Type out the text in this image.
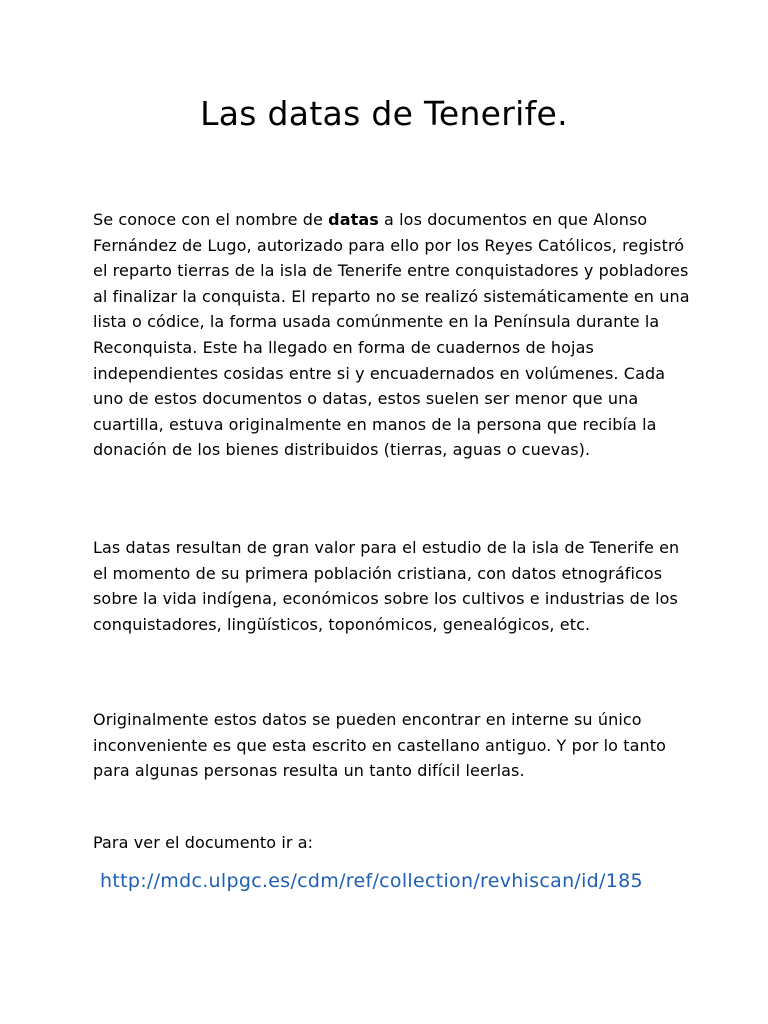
Las datas de Tenerife.

Se conoce con el nombre de datas a los documentos en que Alonso Fernández de Lugo, autorizado para ello por los Reyes Católicos, registró el reparto tierras de la isla de Tenerife entre conquistadores y pobladores al finalizar la conquista. El reparto no se realizó sistemáticamente en una lista o códice, la forma usada comúnmente en la Península durante la Reconquista. Este ha llegado en forma de cuadernos de hojas independientes cosidas entre si y encuadernados en volúmenes. Cada uno de estos documentos o datas, estos suelen ser menor que una cuartilla, estuva originalmente en manos de la persona que recibía la donación de los bienes distribuidos (tierras, aguas o cuevas).

Las datas resultan de gran valor para el estudio de la isla de Tenerife en el momento de su primera población cristiana, con datos etnográficos sobre la vida indígena, económicos sobre los cultivos e industrias de los conquistadores, lingüísticos, toponómicos, genealógicos, etc.

Originalmente estos datos se pueden encontrar en interne su único inconveniente es que esta escrito en castellano antiguo. Y por lo tanto para algunas personas resulta un tanto difícil leerlas.

Para ver el documento ir a:

http://mdc.ulpgc.es/cdm/ref/collection/revhiscan/id/185
